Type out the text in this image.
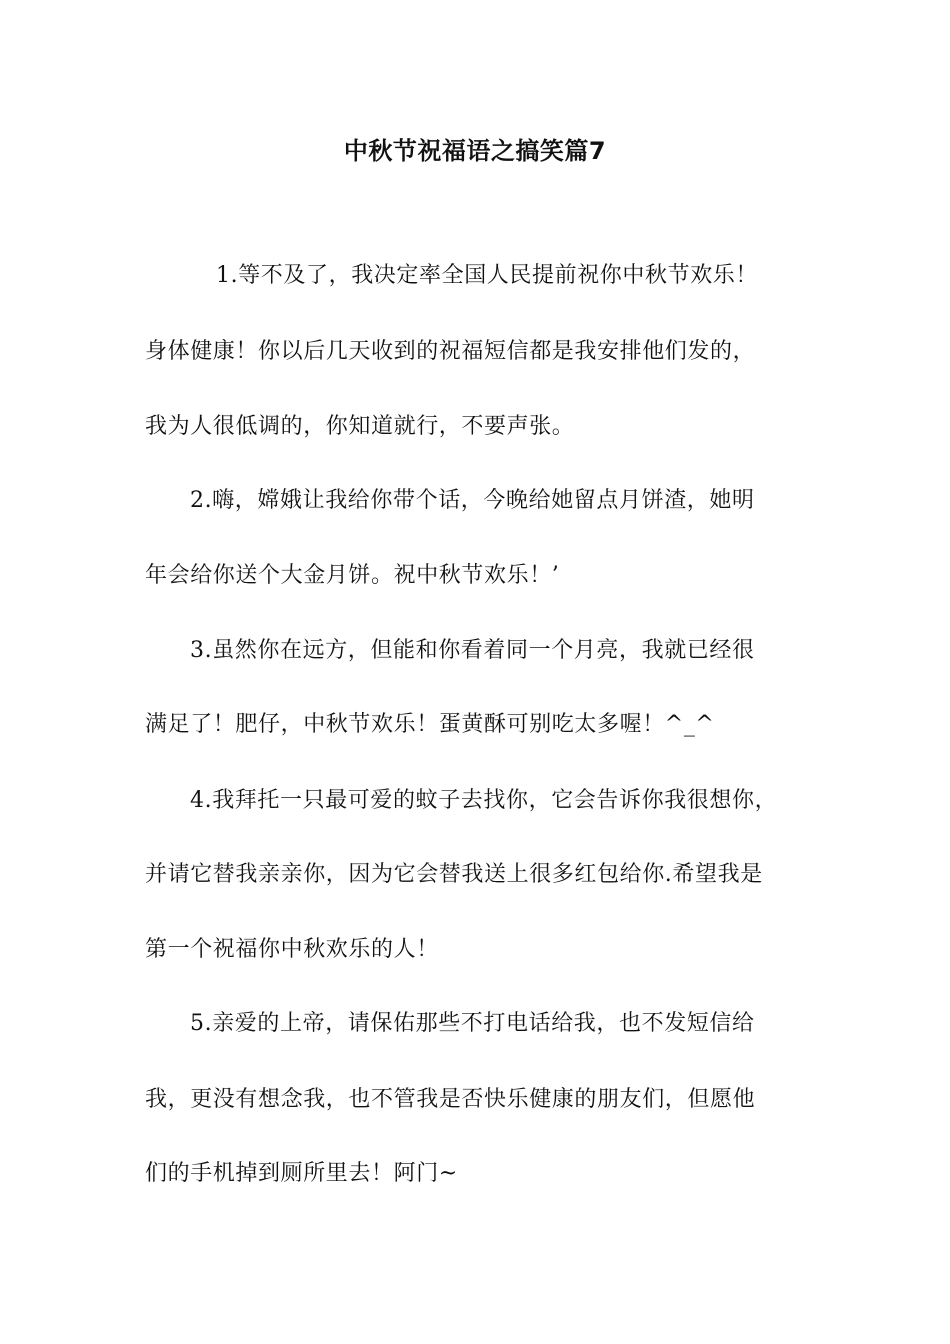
中秋节祝福语之搞笑篇7
1.等不及了，我决定率全国人民提前祝你中秋节欢乐！
身体健康！你以后几天收到的祝福短信都是我安排他们发的，
我为人很低调的，你知道就行，不要声张。
2.嗨，嫦娥让我给你带个话，今晚给她留点月饼渣，她明
年会给你送个大金月饼。祝中秋节欢乐！’
3.虽然你在远方，但能和你看着同一个月亮，我就已经很
满足了！肥仔，中秋节欢乐！蛋黄酥可别吃太多喔！^_^
4.我拜托一只最可爱的蚊子去找你，它会告诉你我很想你，
并请它替我亲亲你，因为它会替我送上很多红包给你.希望我是
第一个祝福你中秋欢乐的人！
5.亲爱的上帝，请保佑那些不打电话给我，也不发短信给
我，更没有想念我，也不管我是否快乐健康的朋友们，但愿他
们的手机掉到厕所里去！阿门~
